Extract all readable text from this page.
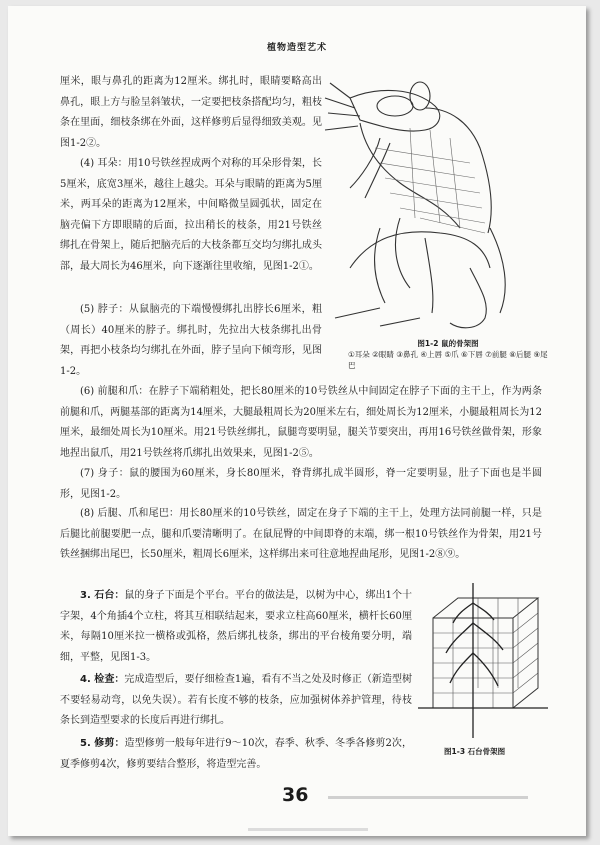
植物造型艺术

厘米，眼与鼻孔的距离为12厘米。绑扎时，眼睛要略高出鼻孔，眼上方与脸呈斜皱状，一定要把枝条搭配均匀，粗枝条在里面，细枝条绑在外面，这样修剪后显得细致美观。见图1-2②。

(4) 耳朵：用10号铁丝捏成两个对称的耳朵形骨架，长5厘米，底宽3厘米，越往上越尖。耳朵与眼睛的距离为5厘米，两耳朵的距离为12厘米，中间略微呈圆弧状，固定在脑壳偏下方即眼睛的后面，拉出稍长的枝条，用21号铁丝绑扎在骨架上，随后把脑壳后的大枝条都互交均匀绑扎成头部，最大周长为46厘米，向下逐渐往里收缩，见图1-2①。

(5) 脖子：从鼠脑壳的下端慢慢绑扎出脖长6厘米，粗（周长）40厘米的脖子。绑扎时，先拉出大枝条绑扎出骨架，再把小枝条均匀绑扎在外面，脖子呈向下倾弯形，见图1-2。

(6) 前腿和爪：在脖子下端稍粗处，把长80厘米的10号铁丝从中间固定在脖子下面的主干上，作为两条前腿和爪，两腿基部的距离为14厘米，大腿最粗周长为20厘米左右，细处周长为12厘米，小腿最粗周长为12厘米，最细处周长为10厘米。用21号铁丝绑扎，鼠腿弯要明显，腿关节要突出，再用16号铁丝做骨架，形象地捏出鼠爪，用21号铁丝将爪绑扎出效果来，见图1-2⑤。

(7) 身子：鼠的腰围为60厘米，身长80厘米，脊背绑扎成半圆形，脊一定要明显，肚子下面也是半圆形，见图1-2。

(8) 后腿、爪和尾巴：用长80厘米的10号铁丝，固定在身子下端的主干上，处理方法同前腿一样，只是后腿比前腿要肥一点，腿和爪要清晰明了。在鼠屁臀的中间即脊的末端，绑一根10号铁丝作为骨架，用21号铁丝捆绑出尾巴，长50厘米，粗周长6厘米，这样绑出来可往意地捏曲尾形，见图1-2⑧⑨。

3. 石台：鼠的身子下面是个平台。平台的做法是，以树为中心，绑出1个十字架，4个角插4个立柱，将其互相联结起来，要求立柱高60厘米，横杆长60厘米，每隔10厘米拉一横格或弧格，然后绑扎枝条，绑出的平台棱角要分明，端细，平整，见图1-3。

4. 检查：完成造型后，要仔细检查1遍，看有不当之处及时修正（新造型树不要轻易动弯，以免失误）。若有长度不够的枝条，应加强树体养护管理，待枝条长到造型要求的长度后再进行绑扎。

5. 修剪：造型修剪一般每年进行9～10次，春季、秋季、冬季各修剪2次，夏季修剪4次，修剪要结合整形，将造型完善。

图1-2 鼠的骨架图
①耳朵 ②眼睛 ③鼻孔 ④上唇 ⑤爪 ⑥下唇 ⑦前腿 ⑧后腿 ⑨尾巴
图1-3 石台骨架图
36
